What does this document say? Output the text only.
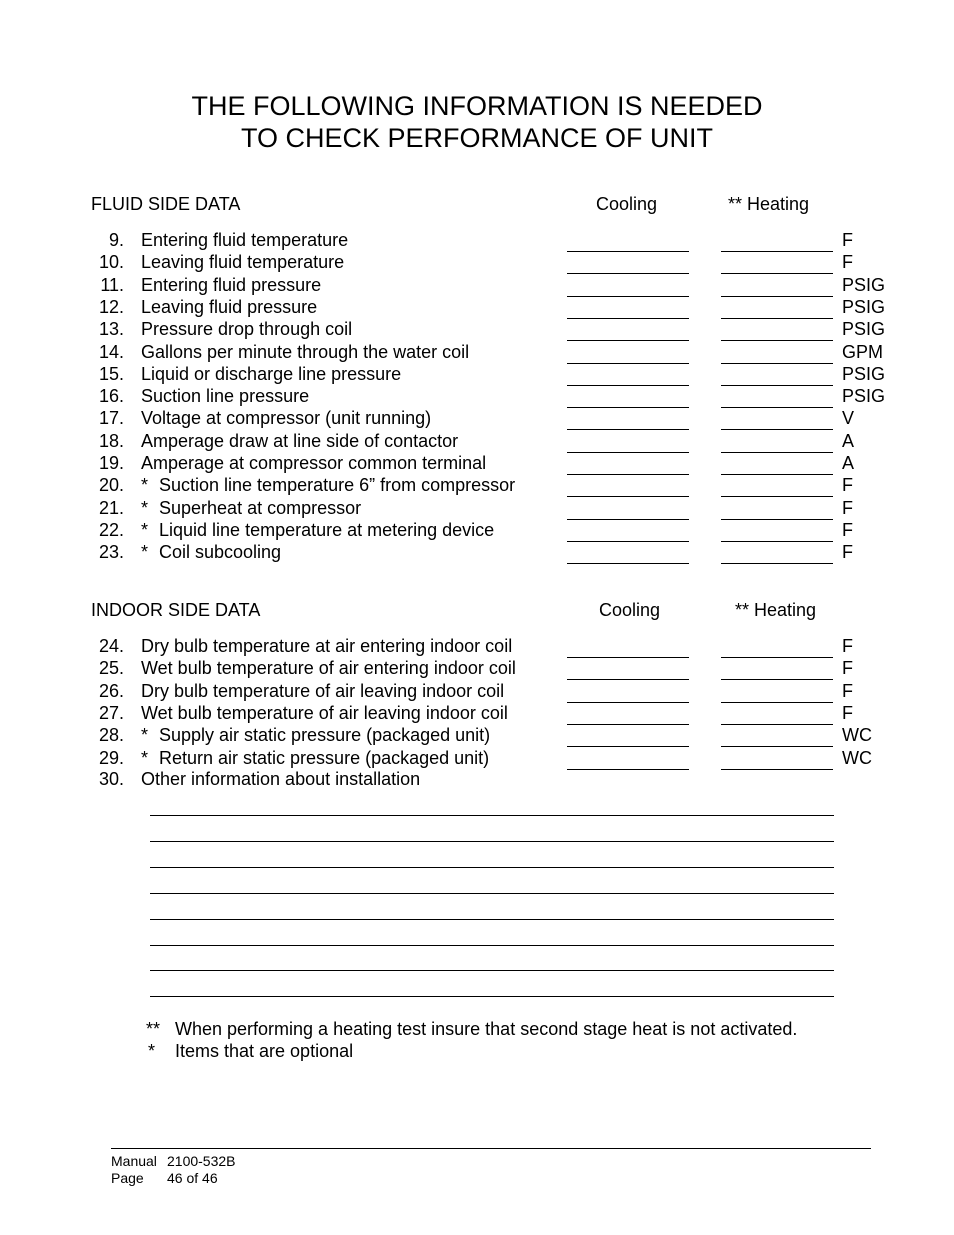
THE FOLLOWING INFORMATION IS NEEDED
TO CHECK PERFORMANCE OF UNIT
FLUID SIDE DATA	Cooling	** Heating
9. Entering fluid temperature	F
10. Leaving fluid temperature	F
11. Entering fluid pressure	PSIG
12. Leaving fluid pressure	PSIG
13. Pressure drop through coil	PSIG
14. Gallons per minute through the water coil	GPM
15. Liquid or discharge line pressure	PSIG
16. Suction line pressure	PSIG
17. Voltage at compressor (unit running)	V
18. Amperage draw at line side of contactor	A
19. Amperage at compressor common terminal	A
20. * Suction line temperature 6” from compressor	F
21. * Superheat at compressor	F
22. * Liquid line temperature at metering device	F
23. * Coil subcooling	F
INDOOR SIDE DATA	Cooling	** Heating
24. Dry bulb temperature at air entering indoor coil	F
25. Wet bulb temperature of air entering indoor coil	F
26. Dry bulb temperature of air leaving indoor coil	F
27. Wet bulb temperature of air leaving indoor coil	F
28. * Supply air static pressure (packaged unit)	WC
29. * Return air static pressure (packaged unit)	WC
30. Other information about installation
** When performing a heating test insure that second stage heat is not activated.
* Items that are optional
Manual 2100-532B
Page 46 of 46
